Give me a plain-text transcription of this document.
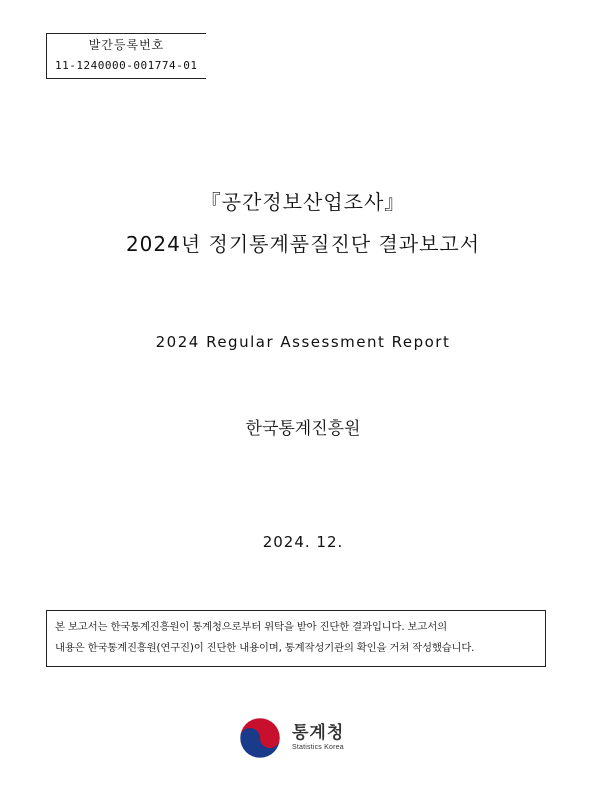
발간등록번호
11-1240000-001774-01
『공간정보산업조사』
2024년 정기통계품질진단 결과보고서
2024 Regular Assessment Report
한국통계진흥원
2024. 12.
본 보고서는 한국통계진흥원이 통계청으로부터 위탁을 받아 진단한 결과입니다. 보고서의
내용은 한국통계진흥원(연구진)이 진단한 내용이며, 통계작성기관의 확인을 거쳐 작성했습니다.
통계청
Statistics Korea
